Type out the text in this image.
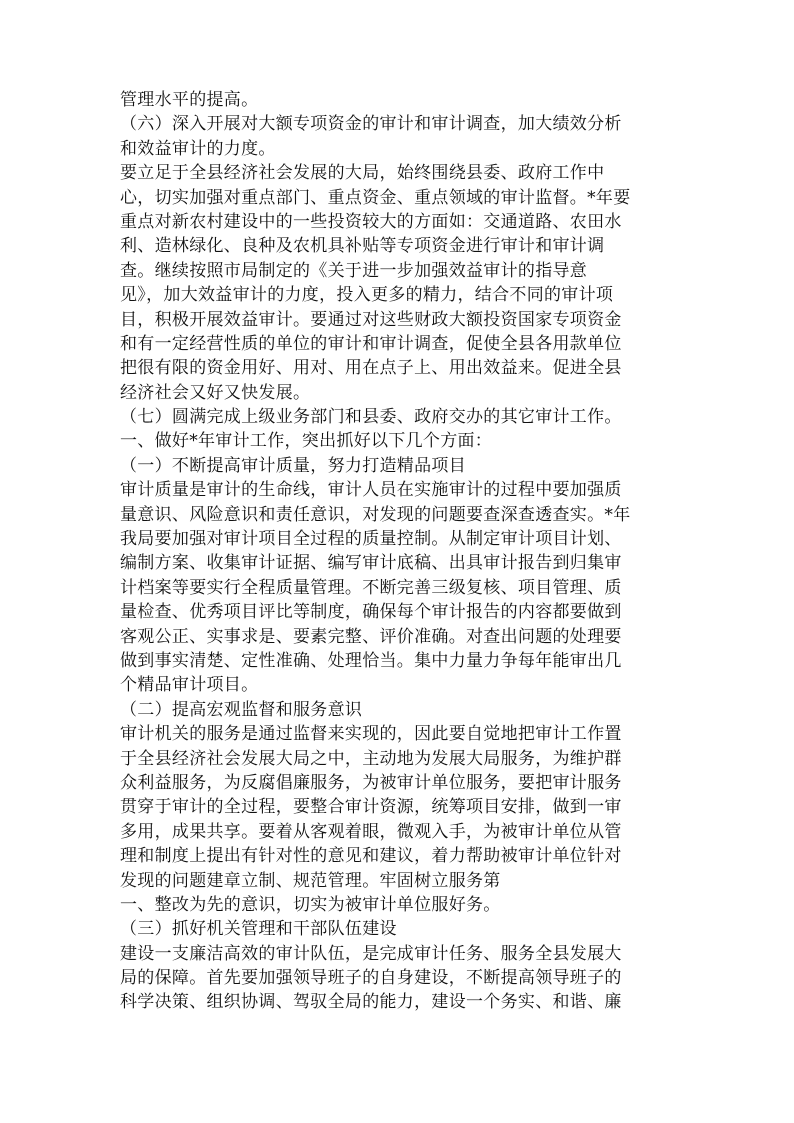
管理水平的提高。
（六）深入开展对大额专项资金的审计和审计调查，加大绩效分析
和效益审计的力度。
要立足于全县经济社会发展的大局，始终围绕县委、政府工作中
心，切实加强对重点部门、重点资金、重点领域的审计监督。*年要
重点对新农村建设中的一些投资较大的方面如：交通道路、农田水
利、造林绿化、良种及农机具补贴等专项资金进行审计和审计调
查。继续按照市局制定的《关于进一步加强效益审计的指导意
见》，加大效益审计的力度，投入更多的精力，结合不同的审计项
目，积极开展效益审计。要通过对这些财政大额投资国家专项资金
和有一定经营性质的单位的审计和审计调查，促使全县各用款单位
把很有限的资金用好、用对、用在点子上、用出效益来。促进全县
经济社会又好又快发展。
（七）圆满完成上级业务部门和县委、政府交办的其它审计工作。
一、做好*年审计工作，突出抓好以下几个方面：
（一）不断提高审计质量，努力打造精品项目
审计质量是审计的生命线，审计人员在实施审计的过程中要加强质
量意识、风险意识和责任意识，对发现的问题要查深查透查实。*年
我局要加强对审计项目全过程的质量控制。从制定审计项目计划、
编制方案、收集审计证据、编写审计底稿、出具审计报告到归集审
计档案等要实行全程质量管理。不断完善三级复核、项目管理、质
量检查、优秀项目评比等制度，确保每个审计报告的内容都要做到
客观公正、实事求是、要素完整、评价准确。对查出问题的处理要
做到事实清楚、定性准确、处理恰当。集中力量力争每年能审出几
个精品审计项目。
（二）提高宏观监督和服务意识
审计机关的服务是通过监督来实现的，因此要自觉地把审计工作置
于全县经济社会发展大局之中，主动地为发展大局服务，为维护群
众利益服务，为反腐倡廉服务，为被审计单位服务，要把审计服务
贯穿于审计的全过程，要整合审计资源，统筹项目安排，做到一审
多用，成果共享。要着从客观着眼，微观入手，为被审计单位从管
理和制度上提出有针对性的意见和建议，着力帮助被审计单位针对
发现的问题建章立制、规范管理。牢固树立服务第
一、整改为先的意识，切实为被审计单位服好务。
（三）抓好机关管理和干部队伍建设
建设一支廉洁高效的审计队伍，是完成审计任务、服务全县发展大
局的保障。首先要加强领导班子的自身建设，不断提高领导班子的
科学决策、组织协调、驾驭全局的能力，建设一个务实、和谐、廉
